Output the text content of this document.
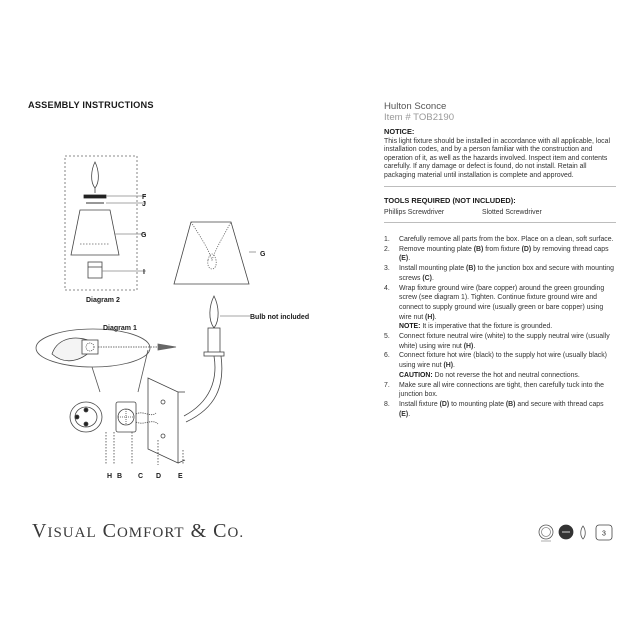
ASSEMBLY INSTRUCTIONS
F
J
G
I
G
Diagram 2
Bulb not included
Diagram 1
H B C D E
Hulton Sconce
Item # TOB2190
NOTICE:
This light fixture should be installed in accordance with all applicable, local installation codes, and by a person familiar with the construction and operation of it, as well as the hazards involved. Inspect item and contents carefully. If any damage or defect is found, do not install. Retain all packaging material until installation is complete and approved.
TOOLS REQUIRED (NOT INCLUDED):
Phillips Screwdriver	Slotted Screwdriver
1.	Carefully remove all parts from the box. Place on a clean, soft surface.
2.	Remove mounting plate (B) from fixture (D) by removing thread caps (E).
3.	Install mounting plate (B) to the junction box and secure with mounting screws (C).
4.	Wrap fixture ground wire (bare copper) around the green grounding screw (see diagram 1). Tighten. Continue fixture ground wire and connect to supply ground wire (usually green or bare copper) using wire nut (H).
NOTE: It is imperative that the fixture is grounded.
5.	Connect fixture neutral wire (white) to the supply neutral wire (usually white) using wire nut (H).
6.	Connect fixture hot wire (black) to the supply hot wire (usually black) using wire nut (H).
CAUTION: Do not reverse the hot and neutral connections.
7.	Make sure all wire connections are tight, then carefully tuck into the junction box.
8.	Install fixture (D) to mounting plate (B) and secure with thread caps (E).
VISUAL COMFORT & CO.	3
